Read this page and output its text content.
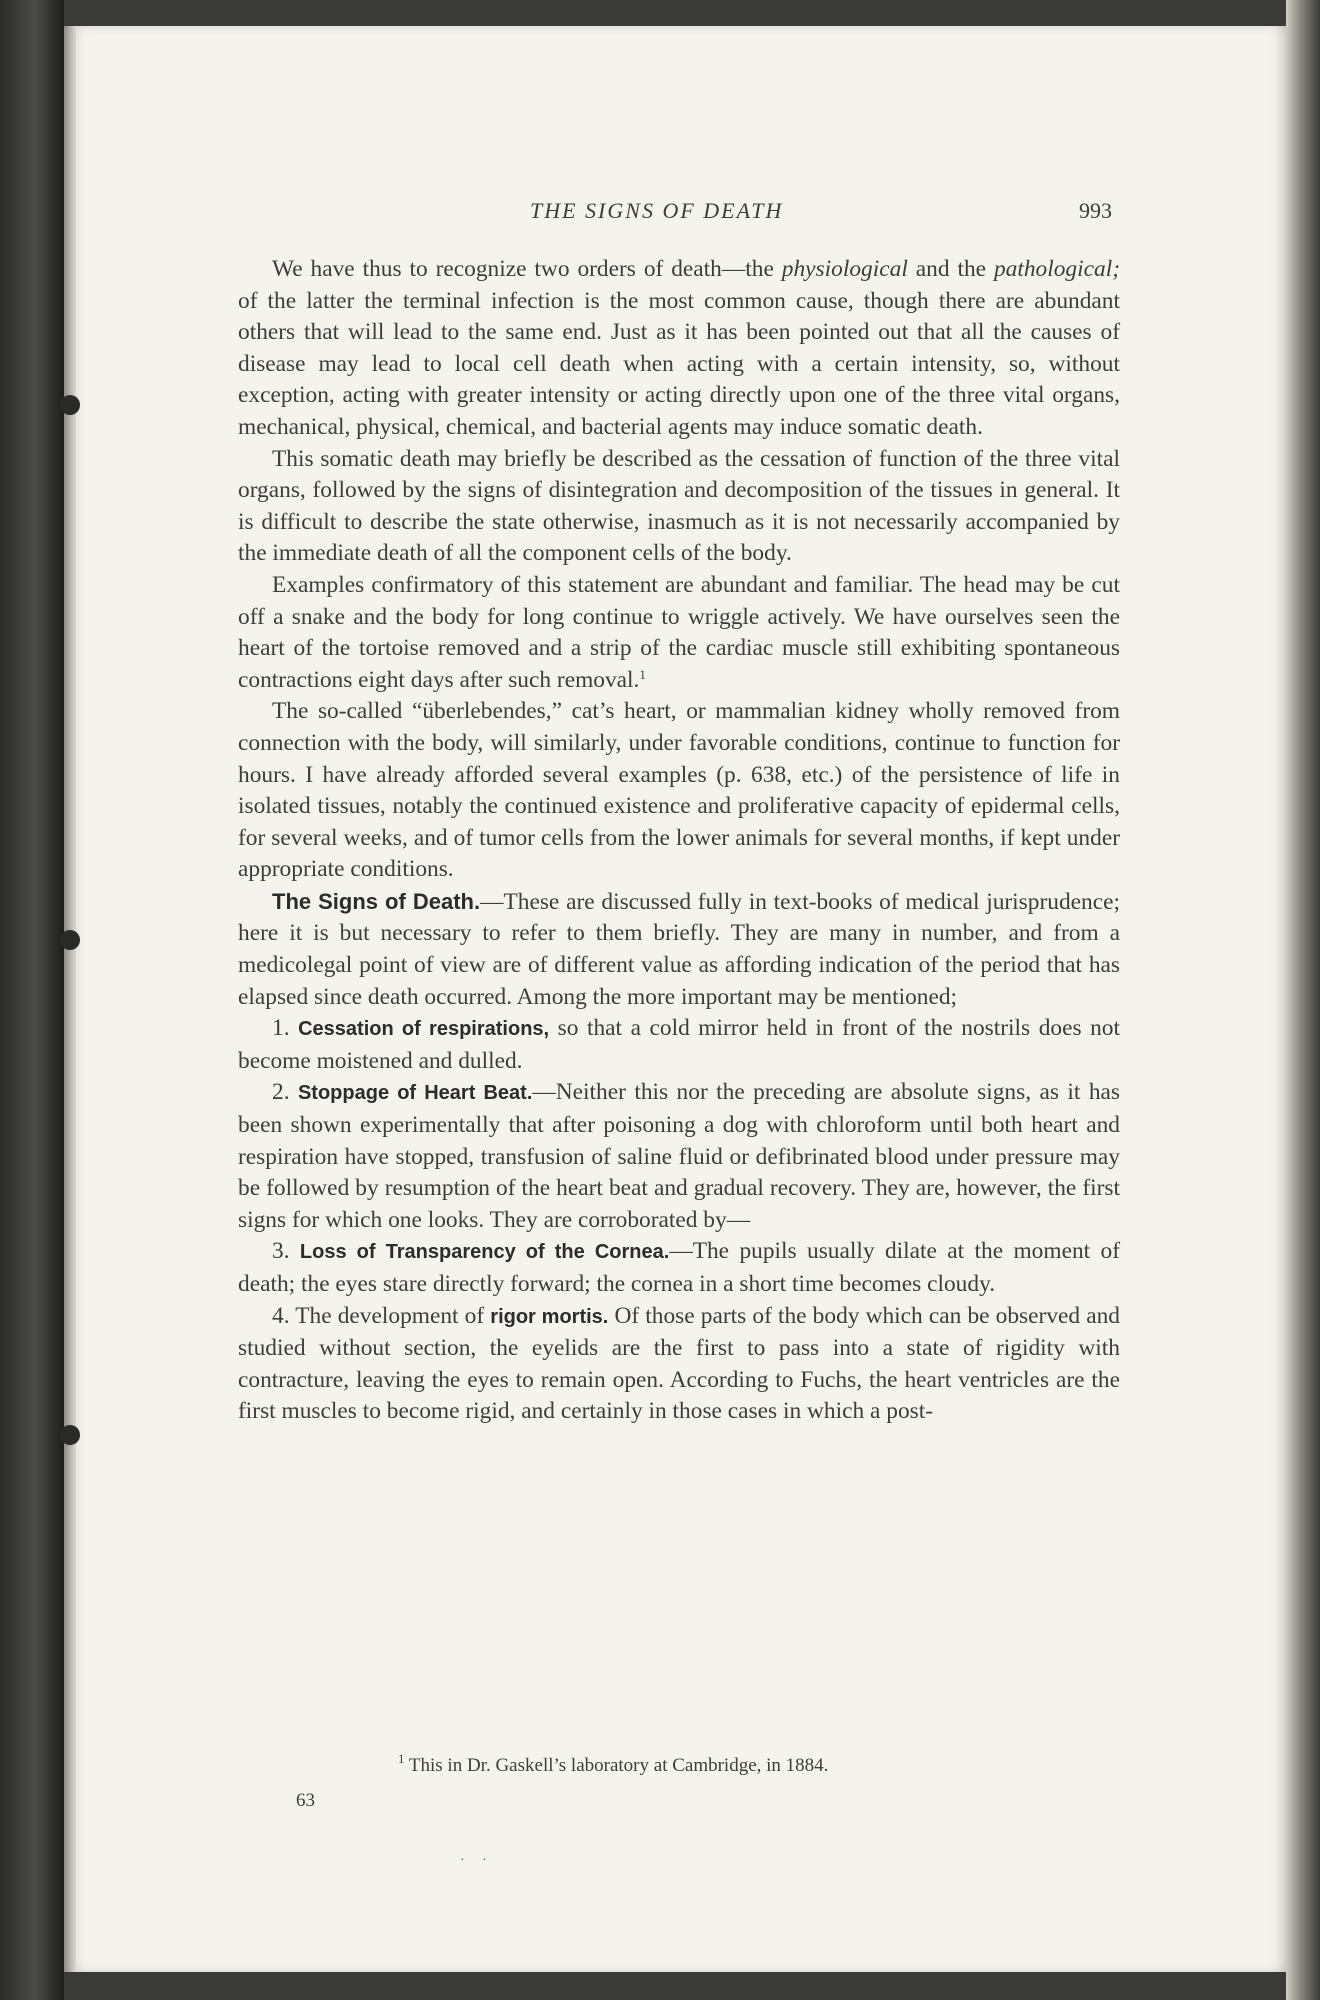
THE SIGNS OF DEATH	993

We have thus to recognize two orders of death—the physiological and the pathological; of the latter the terminal infection is the most common cause, though there are abundant others that will lead to the same end. Just as it has been pointed out that all the causes of disease may lead to local cell death when acting with a certain intensity, so, without exception, acting with greater intensity or acting directly upon one of the three vital organs, mechanical, physical, chemical, and bacterial agents may induce somatic death.

This somatic death may briefly be described as the cessation of function of the three vital organs, followed by the signs of disintegration and decomposition of the tissues in general. It is difficult to describe the state otherwise, inasmuch as it is not necessarily accompanied by the immediate death of all the component cells of the body.

Examples confirmatory of this statement are abundant and familiar. The head may be cut off a snake and the body for long continue to wriggle actively. We have ourselves seen the heart of the tortoise removed and a strip of the cardiac muscle still exhibiting spontaneous contractions eight days after such removal.$^1$

The so-called “überlebendes,” cat’s heart, or mammalian kidney wholly removed from connection with the body, will similarly, under favorable conditions, continue to function for hours. I have already afforded several examples (p. 638, etc.) of the persistence of life in isolated tissues, notably the continued existence and proliferative capacity of epidermal cells, for several weeks, and of tumor cells from the lower animals for several months, if kept under appropriate conditions.

The Signs of Death.—These are discussed fully in text-books of medical jurisprudence; here it is but necessary to refer to them briefly. They are many in number, and from a medicolegal point of view are of different value as affording indication of the period that has elapsed since death occurred. Among the more important may be mentioned;

1. Cessation of respirations, so that a cold mirror held in front of the nostrils does not become moistened and dulled.

2. Stoppage of Heart Beat.—Neither this nor the preceding are absolute signs, as it has been shown experimentally that after poisoning a dog with chloroform until both heart and respiration have stopped, transfusion of saline fluid or defibrinated blood under pressure may be followed by resumption of the heart beat and gradual recovery. They are, however, the first signs for which one looks. They are corroborated by—

3. Loss of Transparency of the Cornea.—The pupils usually dilate at the moment of death; the eyes stare directly forward; the cornea in a short time becomes cloudy.

4. The development of rigor mortis. Of those parts of the body which can be observed and studied without section, the eyelids are the first to pass into a state of rigidity with contracture, leaving the eyes to remain open. According to Fuchs, the heart ventricles are the first muscles to become rigid, and certainly in those cases in which a post-

$^1$ This in Dr. Gaskell’s laboratory at Cambridge, in 1884.
63
·     ·
